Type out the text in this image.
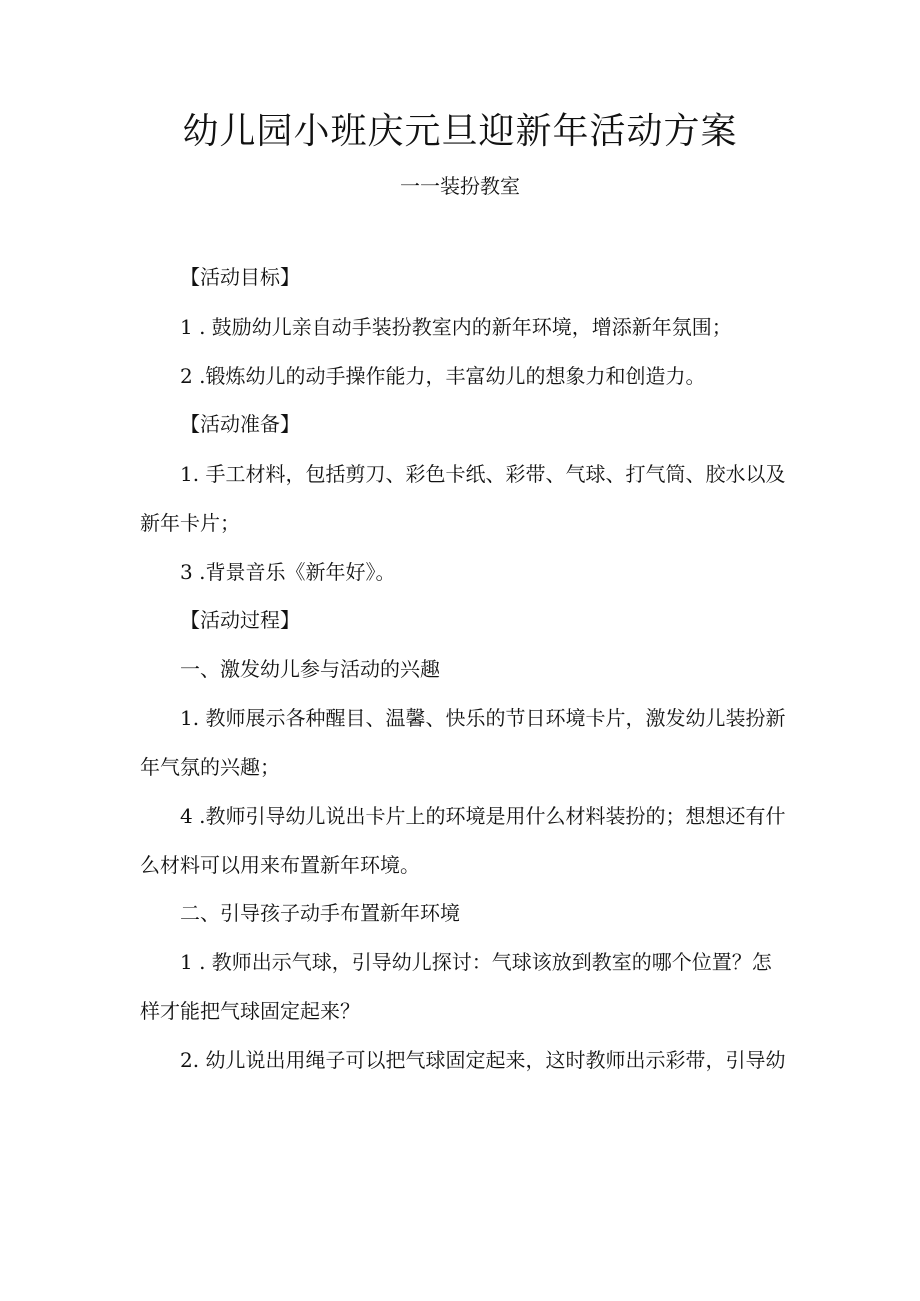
幼儿园小班庆元旦迎新年活动方案

一一装扮教室

【活动目标】

1 . 鼓励幼儿亲自动手装扮教室内的新年环境，增添新年氛围；

2 .锻炼幼儿的动手操作能力，丰富幼儿的想象力和创造力。

【活动准备】

1. 手工材料，包括剪刀、彩色卡纸、彩带、气球、打气筒、胶水以及

新年卡片；

3 .背景音乐《新年好》。

【活动过程】

一、激发幼儿参与活动的兴趣

1. 教师展示各种醒目、温馨、快乐的节日环境卡片，激发幼儿装扮新

年气氛的兴趣；

4 .教师引导幼儿说出卡片上的环境是用什么材料装扮的；想想还有什

么材料可以用来布置新年环境。

二、引导孩子动手布置新年环境

1 . 教师出示气球，引导幼儿探讨：气球该放到教室的哪个位置？怎

样才能把气球固定起来？

2. 幼儿说出用绳子可以把气球固定起来，这时教师出示彩带，引导幼
